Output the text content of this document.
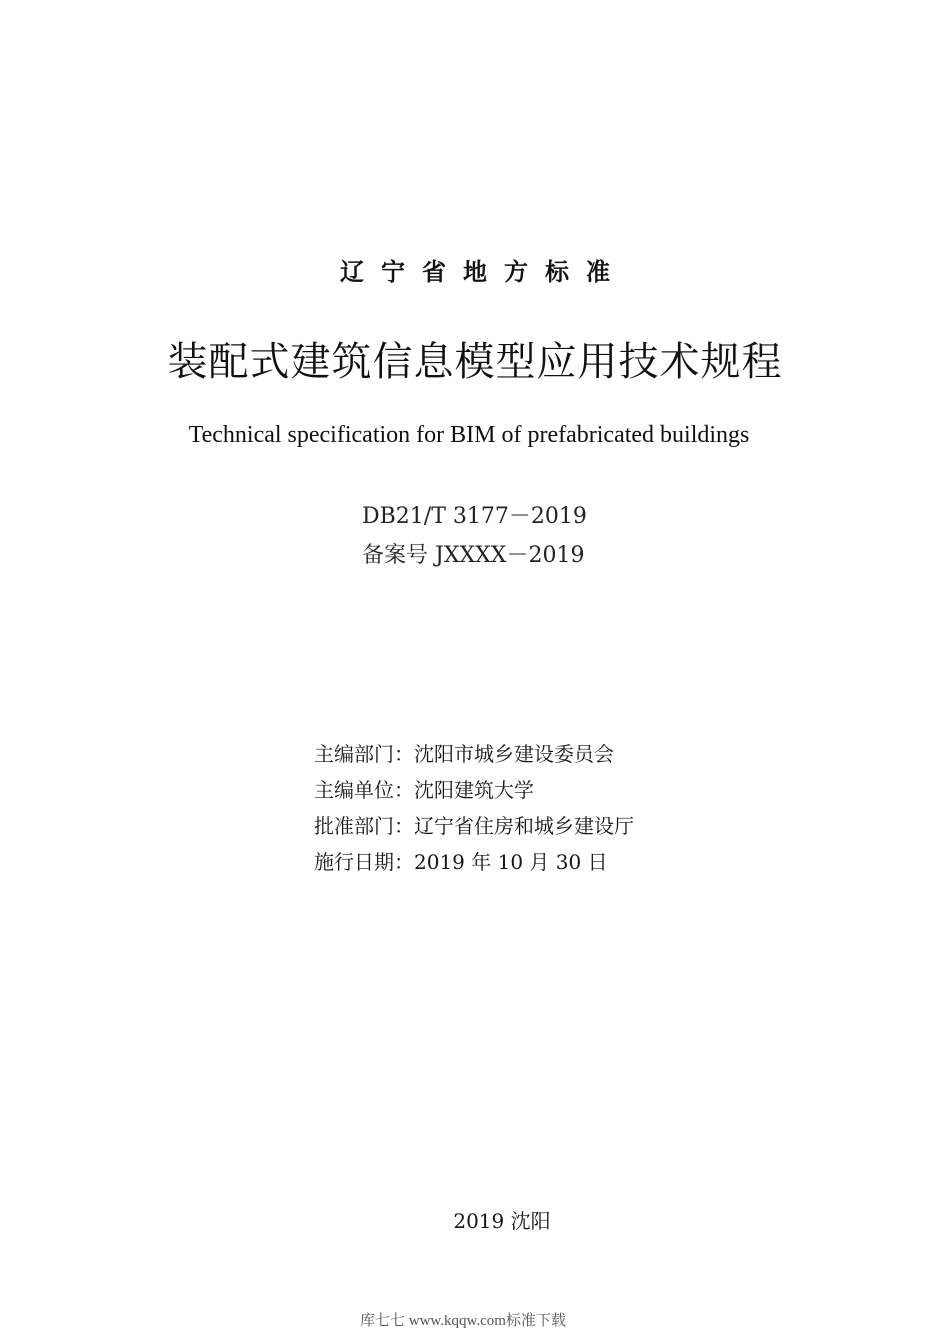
辽宁省地方标准
装配式建筑信息模型应用技术规程
Technical specification for BIM of prefabricated buildings
DB21/T 3177－2019
备案号 JXXXX－2019
主编部门：沈阳市城乡建设委员会
主编单位：沈阳建筑大学
批准部门：辽宁省住房和城乡建设厅
施行日期：2019 年 10 月 30 日
2019 沈阳
库七七 www.kqqw.com标准下载
